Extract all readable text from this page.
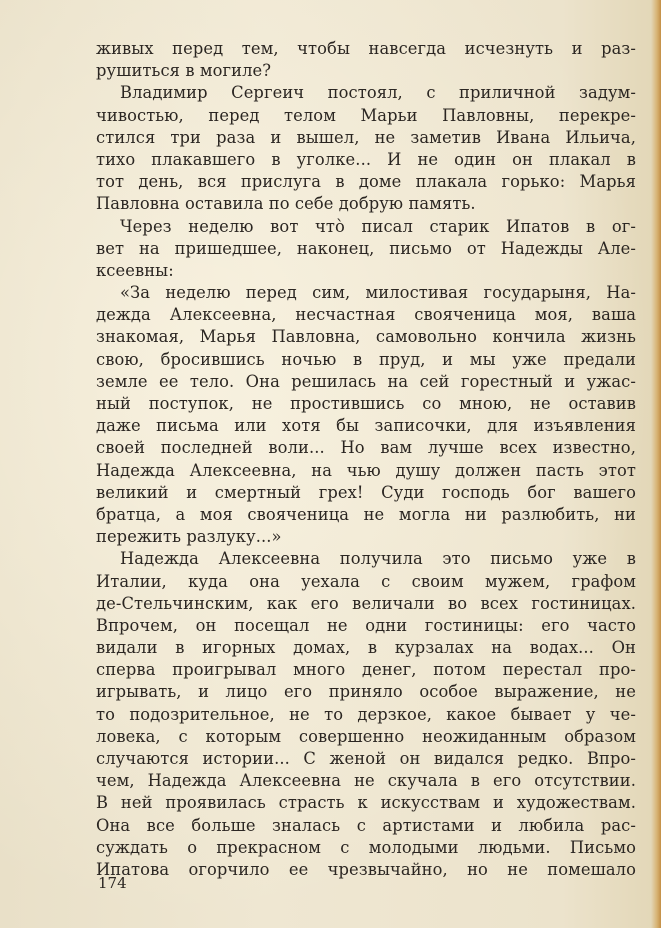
живых перед тем, чтобы навсегда исчезнуть и раз-
рушиться в могиле?
Владимир Сергеич постоял, с приличной задум-
чивостью, перед телом Марьи Павловны, перекре-
стился три раза и вышел, не заметив Ивана Ильича,
тихо плакавшего в уголке... И не один он плакал в
тот день, вся прислуга в доме плакала горько: Марья
Павловна оставила по себе добрую память.
Через неделю вот что̀ писал старик Ипатов в ог-
вет на пришедшее, наконец, письмо от Надежды Але-
ксеевны:
«За неделю перед сим, милостивая государыня, На-
дежда Алексеевна, несчастная свояченица моя, ваша
знакомая, Марья Павловна, самовольно кончила жизнь
свою, бросившись ночью в пруд, и мы уже предали
земле ее тело. Она решилась на сей горестный и ужас-
ный поступок, не простившись со мною, не оставив
даже письма или хотя бы записочки, для изъявления
своей последней воли... Но вам лучше всех известно,
Надежда Алексеевна, на чью душу должен пасть этот
великий и смертный грех! Суди господь бог вашего
братца, а моя свояченица не могла ни разлюбить, ни
пережить разлуку...»
Надежда Алексеевна получила это письмо уже в
Италии, куда она уехала с своим мужем, графом
де-Стельчинским, как его величали во всех гостиницах.
Впрочем, он посещал не одни гостиницы: его часто
видали в игорных домах, в курзалах на водах... Он
сперва проигрывал много денег, потом перестал про-
игрывать, и лицо его приняло особое выражение, не
то подозрительное, не то дерзкое, какое бывает у че-
ловека, с которым совершенно неожиданным образом
случаются истории... С женой он видался редко. Впро-
чем, Надежда Алексеевна не скучала в его отсутствии.
В ней проявилась страсть к искусствам и художествам.
Она все больше зналась с артистами и любила рас-
суждать о прекрасном с молодыми людьми. Письмо
Ипатова огорчило ее чрезвычайно, но не помешало
174
